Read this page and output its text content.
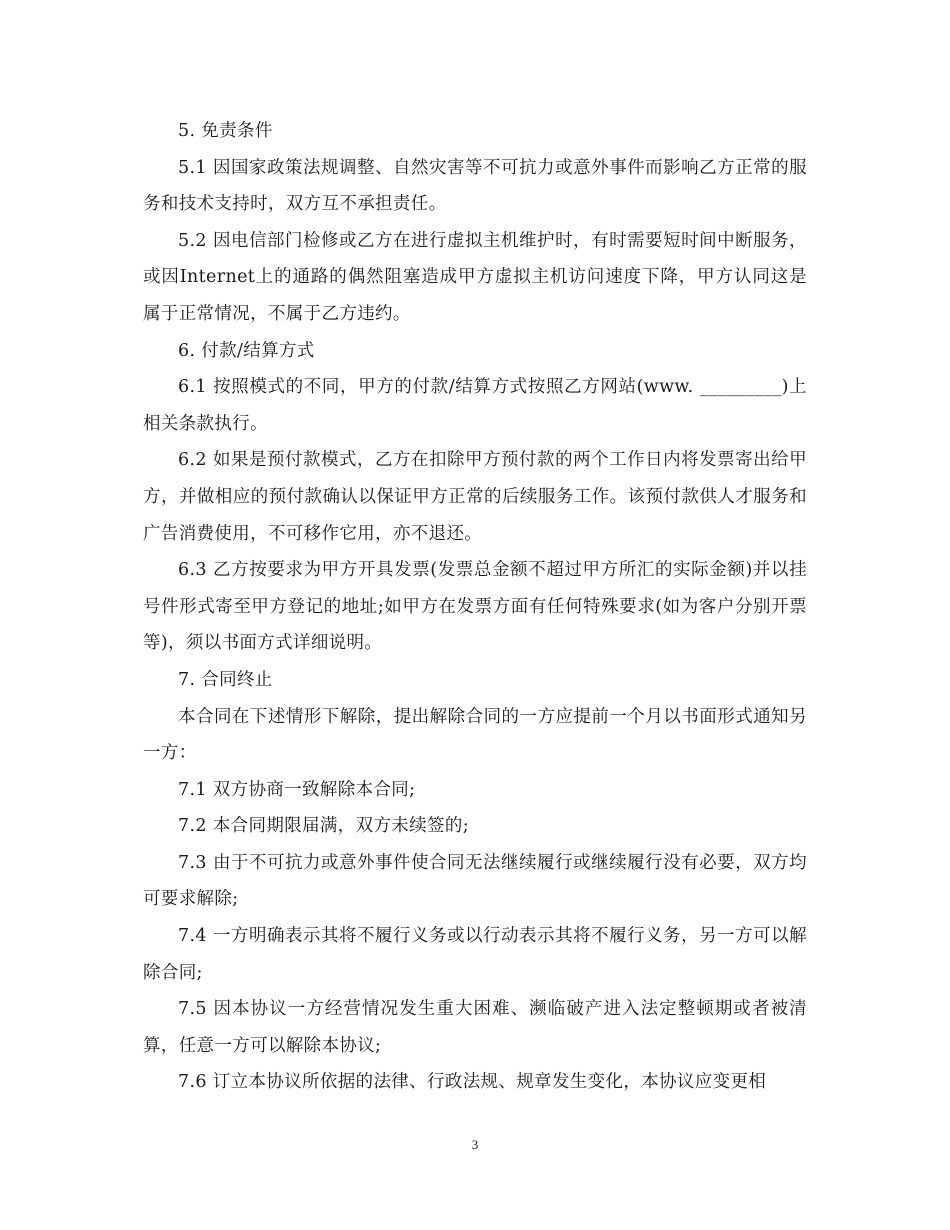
5. 免责条件

5.1 因国家政策法规调整、自然灾害等不可抗力或意外事件而影响乙方正常的服务和技术支持时，双方互不承担责任。

5.2 因电信部门检修或乙方在进行虚拟主机维护时，有时需要短时间中断服务，或因Internet上的通路的偶然阻塞造成甲方虚拟主机访问速度下降，甲方认同这是属于正常情况，不属于乙方违约。

6. 付款/结算方式

6.1 按照模式的不同，甲方的付款/结算方式按照乙方网站(www. _________)上相关条款执行。

6.2 如果是预付款模式，乙方在扣除甲方预付款的两个工作日内将发票寄出给甲方，并做相应的预付款确认以保证甲方正常的后续服务工作。该预付款供人才服务和广告消费使用，不可移作它用，亦不退还。

6.3 乙方按要求为甲方开具发票(发票总金额不超过甲方所汇的实际金额)并以挂号件形式寄至甲方登记的地址;如甲方在发票方面有任何特殊要求(如为客户分别开票等)，须以书面方式详细说明。

7. 合同终止

本合同在下述情形下解除，提出解除合同的一方应提前一个月以书面形式通知另一方：

7.1 双方协商一致解除本合同;

7.2 本合同期限届满，双方未续签的;

7.3 由于不可抗力或意外事件使合同无法继续履行或继续履行没有必要，双方均可要求解除;

7.4 一方明确表示其将不履行义务或以行动表示其将不履行义务，另一方可以解除合同;

7.5 因本协议一方经营情况发生重大困难、濒临破产进入法定整顿期或者被清算，任意一方可以解除本协议;

7.6 订立本协议所依据的法律、行政法规、规章发生变化，本协议应变更相

3
